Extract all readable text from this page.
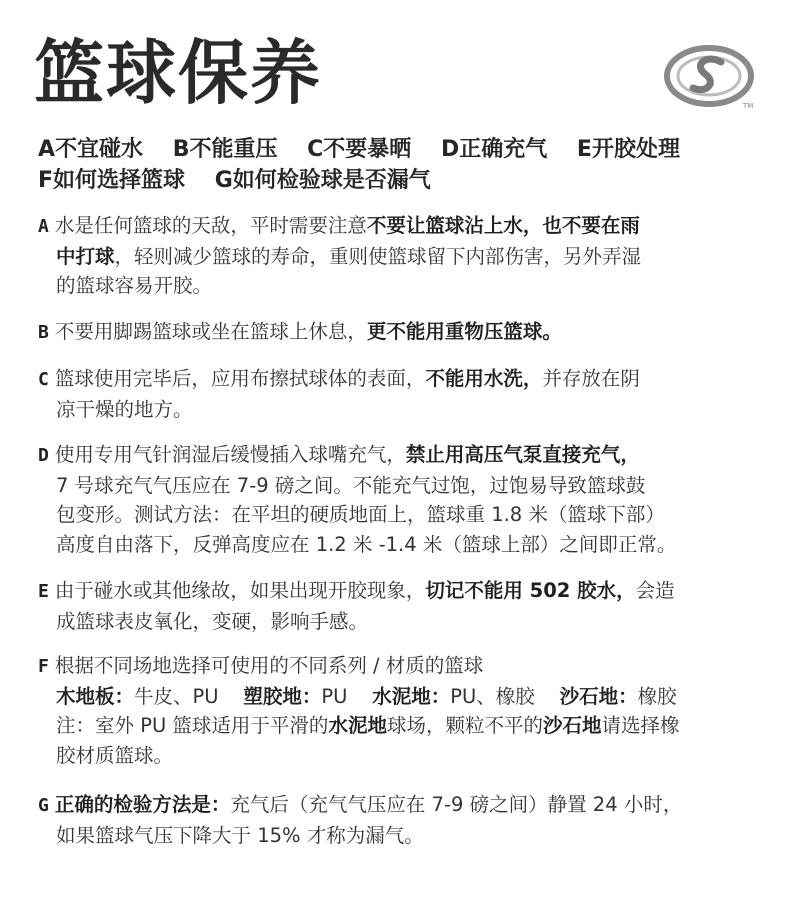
篮球保养	TM
A不宜碰水 B不能重压 C不要暴晒 D正确充气 E开胶处理
F如何选择篮球 G如何检验球是否漏气
A 水是任何篮球的天敌，平时需要注意不要让篮球沾上水，也不要在雨
中打球，轻则减少篮球的寿命，重则使篮球留下内部伤害，另外弄湿
的篮球容易开胶。
B 不要用脚踢篮球或坐在篮球上休息，更不能用重物压篮球。
C 篮球使用完毕后，应用布擦拭球体的表面，不能用水洗，并存放在阴
凉干燥的地方。
D 使用专用气针润湿后缓慢插入球嘴充气，禁止用高压气泵直接充气，
7 号球充气气压应在 7-9 磅之间。不能充气过饱，过饱易导致篮球鼓
包变形。测试方法：在平坦的硬质地面上，篮球重 1.8 米（篮球下部）
高度自由落下，反弹高度应在 1.2 米 -1.4 米（篮球上部）之间即正常。
E 由于碰水或其他缘故，如果出现开胶现象，切记不能用 502 胶水，会造
成篮球表皮氧化，变硬，影响手感。
F 根据不同场地选择可使用的不同系列 / 材质的篮球
木地板：牛皮、PU 塑胶地：PU 水泥地：PU、橡胶 沙石地：橡胶
注：室外 PU 篮球适用于平滑的水泥地球场，颗粒不平的沙石地请选择橡
胶材质篮球。
G 正确的检验方法是：充气后（充气气压应在 7-9 磅之间）静置 24 小时，
如果篮球气压下降大于 15% 才称为漏气。
